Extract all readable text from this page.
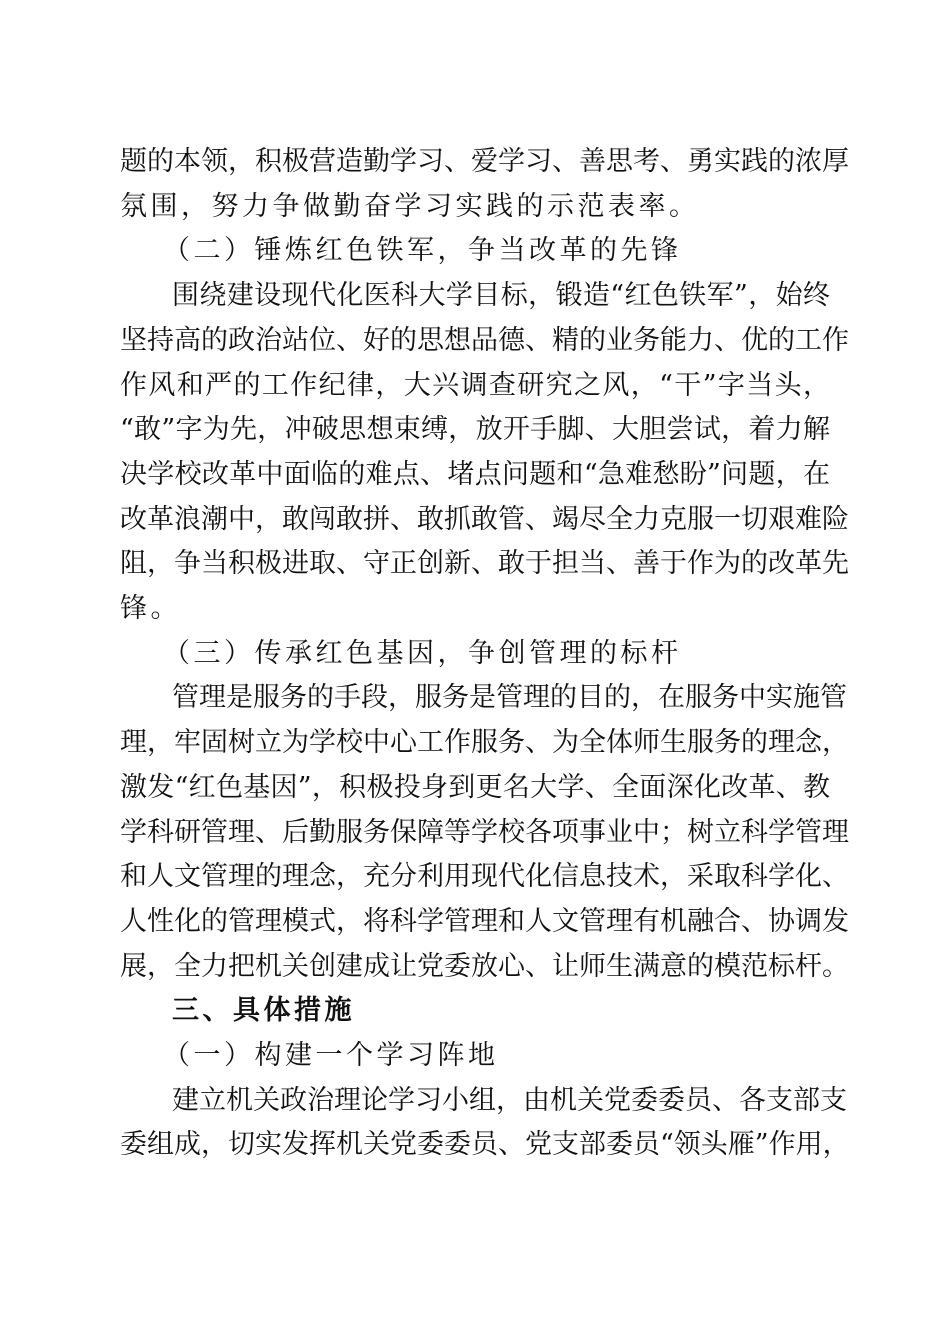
题的本领，积极营造勤学习、爱学习、善思考、勇实践的浓厚
氛围，努力争做勤奋学习实践的示范表率。
（二）锤炼红色铁军，争当改革的先锋
围绕建设现代化医科大学目标，锻造“红色铁军”，始终
坚持高的政治站位、好的思想品德、精的业务能力、优的工作
作风和严的工作纪律，大兴调查研究之风，“干”字当头，
“敢”字为先，冲破思想束缚，放开手脚、大胆尝试，着力解
决学校改革中面临的难点、堵点问题和“急难愁盼”问题，在
改革浪潮中，敢闯敢拼、敢抓敢管、竭尽全力克服一切艰难险
阻，争当积极进取、守正创新、敢于担当、善于作为的改革先
锋。
（三）传承红色基因，争创管理的标杆
管理是服务的手段，服务是管理的目的，在服务中实施管
理，牢固树立为学校中心工作服务、为全体师生服务的理念，
激发“红色基因”，积极投身到更名大学、全面深化改革、教
学科研管理、后勤服务保障等学校各项事业中；树立科学管理
和人文管理的理念，充分利用现代化信息技术，采取科学化、
人性化的管理模式，将科学管理和人文管理有机融合、协调发
展，全力把机关创建成让党委放心、让师生满意的模范标杆。
三、具体措施
（一）构建一个学习阵地
建立机关政治理论学习小组，由机关党委委员、各支部支
委组成，切实发挥机关党委委员、党支部委员“领头雁”作用，
